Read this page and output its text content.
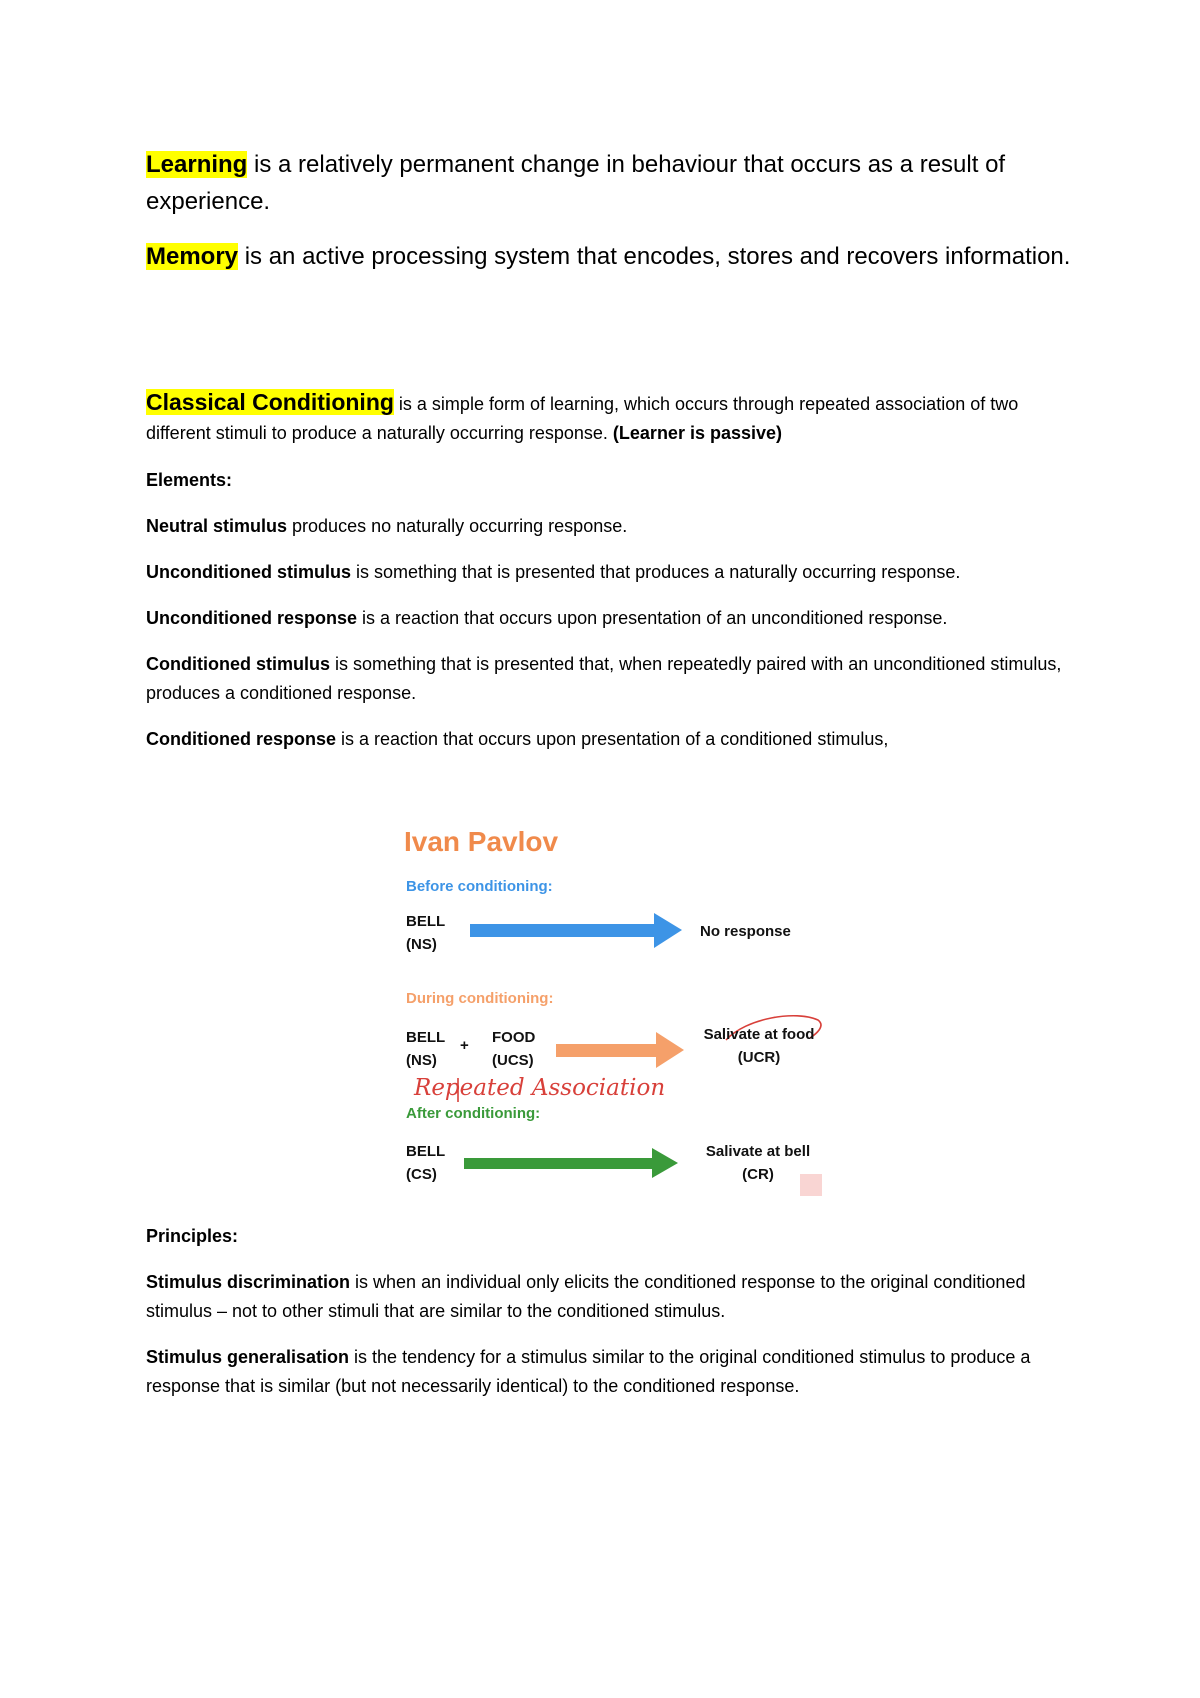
Learning is a relatively permanent change in behaviour that occurs as a result of experience.

Memory is an active processing system that encodes, stores and recovers information.

Classical Conditioning is a simple form of learning, which occurs through repeated association of two different stimuli to produce a naturally occurring response. (Learner is passive)

Elements:

Neutral stimulus produces no naturally occurring response.

Unconditioned stimulus is something that is presented that produces a naturally occurring response.

Unconditioned response is a reaction that occurs upon presentation of an unconditioned response.

Conditioned stimulus is something that is presented that, when repeatedly paired with an unconditioned stimulus, produces a conditioned response.

Conditioned response is a reaction that occurs upon presentation of a conditioned stimulus,

Repeated Association

Ivan Pavlov

Before conditioning:

BELL
(NS)

No response

During conditioning:

BELL
(NS)

+ FOOD
(UCS)

Salivate at food
(UCR)

After conditioning:

BELL
(CS)

Salivate at bell
(CR)

Principles:

Stimulus discrimination is when an individual only elicits the conditioned response to the original conditioned stimulus – not to other stimuli that are similar to the conditioned stimulus.

Stimulus generalisation is the tendency for a stimulus similar to the original conditioned stimulus to produce a response that is similar (but not necessarily identical) to the conditioned response.
